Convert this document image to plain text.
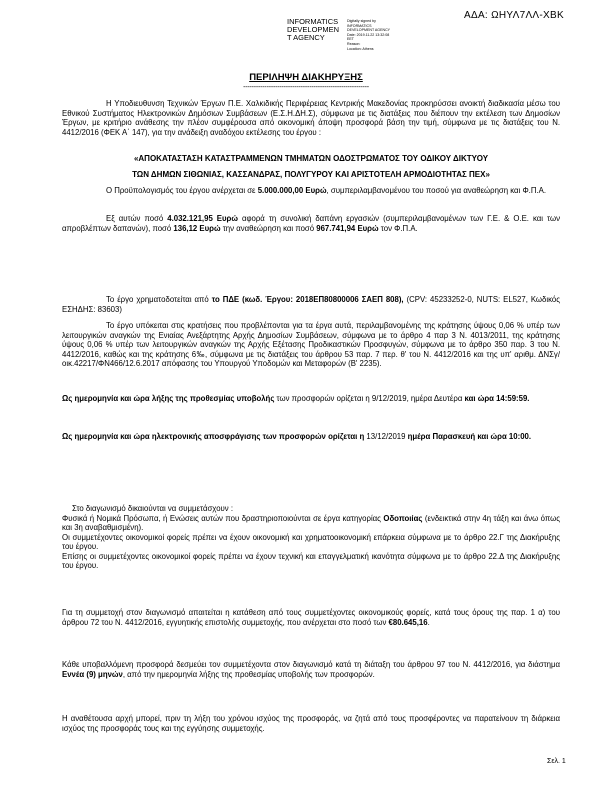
ΑΔΑ: ΩΗΥΛ7ΛΛ-ΧΒΚ
INFORMATICS
DEVELOPMEN
T AGENCY
Digitally signed by
INFORMATICS
DEVELOPMENT AGENCY
Date: 2019.11.22 13:32:08
EET
Reason:
Location: Athens
ΠΕΡΙΛΗΨΗ ΔΙΑΚΗΡΥΞΗΣ
-----------------------------------------------------------
Η Υποδιευθυνση Τεχνικών Έργων Π.Ε. Χαλκιδικής Περιφέρειας Κεντρικής Μακεδονίας προκηρύσσει ανοικτή διαδικασία μέσω του Εθνικού Συστήματος Ηλεκτρονικών Δημόσιων Συμβάσεων (Ε.Σ.Η.ΔΗ.Σ), σύμφωνα με τις διατάξεις που διέπουν την εκτέλεση των Δημοσίων Έργων, με κριτήριο ανάθεσης την πλέον συμφέρουσα από οικονομική άποψη προσφορά βάση την τιμή, σύμφωνα με τις διατάξεις του Ν. 4412/2016 (ΦΕΚ Α΄ 147), για την ανάδειξη αναδόχου εκτέλεσης του έργου :
«ΑΠΟΚΑΤΑΣΤΑΣΗ ΚΑΤΑΣΤΡΑΜΜΕΝΩΝ ΤΜΗΜΑΤΩΝ ΟΔΟΣΤΡΩΜΑΤΟΣ ΤΟΥ ΟΔΙΚΟΥ ΔΙΚΤΥΟΥ
ΤΩΝ ΔΗΜΩΝ ΣΙΘΩΝΙΑΣ, ΚΑΣΣΑΝΔΡΑΣ, ΠΟΛΥΓΥΡΟΥ ΚΑΙ ΑΡΙΣΤΟΤΕΛΗ ΑΡΜΟΔΙΟΤΗΤΑΣ ΠΕΧ»
Ο Προϋπολογισμός του έργου ανέρχεται σε 5.000.000,00 Ευρώ, συμπεριλαμβανομένου του ποσού για αναθεώρηση και Φ.Π.Α.
Εξ αυτών ποσό 4.032.121,95 Ευρώ αφορά τη συνολική δαπάνη εργασιών (συμπεριλαμβανομένων των Γ.Ε. & Ο.Ε. και των απροβλέπτων δαπανών), ποσό 136,12 Ευρώ την αναθεώρηση και ποσό 967.741,94 Ευρώ τον Φ.Π.Α.
Το έργο χρηματοδοτείται από το ΠΔΕ (κωδ. Έργου: 2018ΕΠ80800006 ΣΑΕΠ 808), (CPV: 45233252-0, NUTS: EL527, Κωδικός ΕΣΗΔΗΣ: 83603)
Το έργο υπόκειται στις κρατήσεις που προβλέπονται για τα έργα αυτά, περιλαμβανομένης της κράτησης ύψους 0,06 % υπέρ των λειτουργικών αναγκών της Ενιαίας Ανεξάρτητης Αρχής Δημοσίων Συμβάσεων, σύμφωνα με το άρθρο 4 παρ 3 Ν. 4013/2011, της κράτησης ύψους 0,06 % υπέρ των λειτουργικών αναγκών της Αρχής Εξέτασης Προδικαστικών Προσφυγών, σύμφωνα με το άρθρο 350 παρ. 3 του Ν. 4412/2016, καθώς και της κράτησης 6‰, σύμφωνα με τις διατάξεις του άρθρου 53 παρ. 7 περ. θ' του Ν. 4412/2016 και της υπ' αριθμ. ΔΝΣγ/οικ.42217/ΦΝ466/12.6.2017 απόφασης του Υπουργού Υποδομών και Μεταφορών (Β' 2235).
Ως ημερομηνία και ώρα λήξης της προθεσμίας υποβολής των προσφορών ορίζεται η 9/12/2019, ημέρα Δευτέρα και ώρα 14:59:59.
Ως ημερομηνία και ώρα ηλεκτρονικής αποσφράγισης των προσφορών ορίζεται η 13/12/2019 ημέρα Παρασκευή και ώρα 10:00.
Στο διαγωνισμό δικαιούνται να συμμετάσχουν :
Φυσικά ή Νομικά Πρόσωπα, ή Ενώσεις αυτών που δραστηριοποιούνται σε έργα κατηγορίας Οδοποιίας (ενδεικτικά στην 4η τάξη και άνω όπως και 3η αναβαθμισμένη).
Οι συμμετέχοντες οικονομικοί φορείς πρέπει να έχουν οικονομική και χρηματοοικονομική επάρκεια σύμφωνα με το άρθρο 22.Γ της Διακήρυξης του έργου.
Επίσης οι συμμετέχοντες οικονομικοί φορείς πρέπει να έχουν τεχνική και επαγγελματική ικανότητα σύμφωνα με το άρθρο 22.Δ της Διακήρυξης του έργου.
Για τη συμμετοχή στον διαγωνισμό απαιτείται η κατάθεση από τους συμμετέχοντες οικονομικούς φορείς, κατά τους όρους της παρ. 1 α) του άρθρου 72 του Ν. 4412/2016, εγγυητικής επιστολής συμμετοχής, που ανέρχεται στο ποσό των €80.645,16.
Κάθε υποβαλλόμενη προσφορά δεσμεύει τον συμμετέχοντα στον διαγωνισμό κατά τη διάταξη του άρθρου 97 του Ν. 4412/2016, για διάστημα Εννέα (9) μηνών, από την ημερομηνία λήξης της προθεσμίας υποβολής των προσφορών.
Η αναθέτουσα αρχή μπορεί, πριν τη λήξη του χρόνου ισχύος της προσφοράς, να ζητά από τους προσφέροντες να παρατείνουν τη διάρκεια ισχύος της προσφοράς τους και της εγγύησης συμμετοχής.
Σελ. 1
